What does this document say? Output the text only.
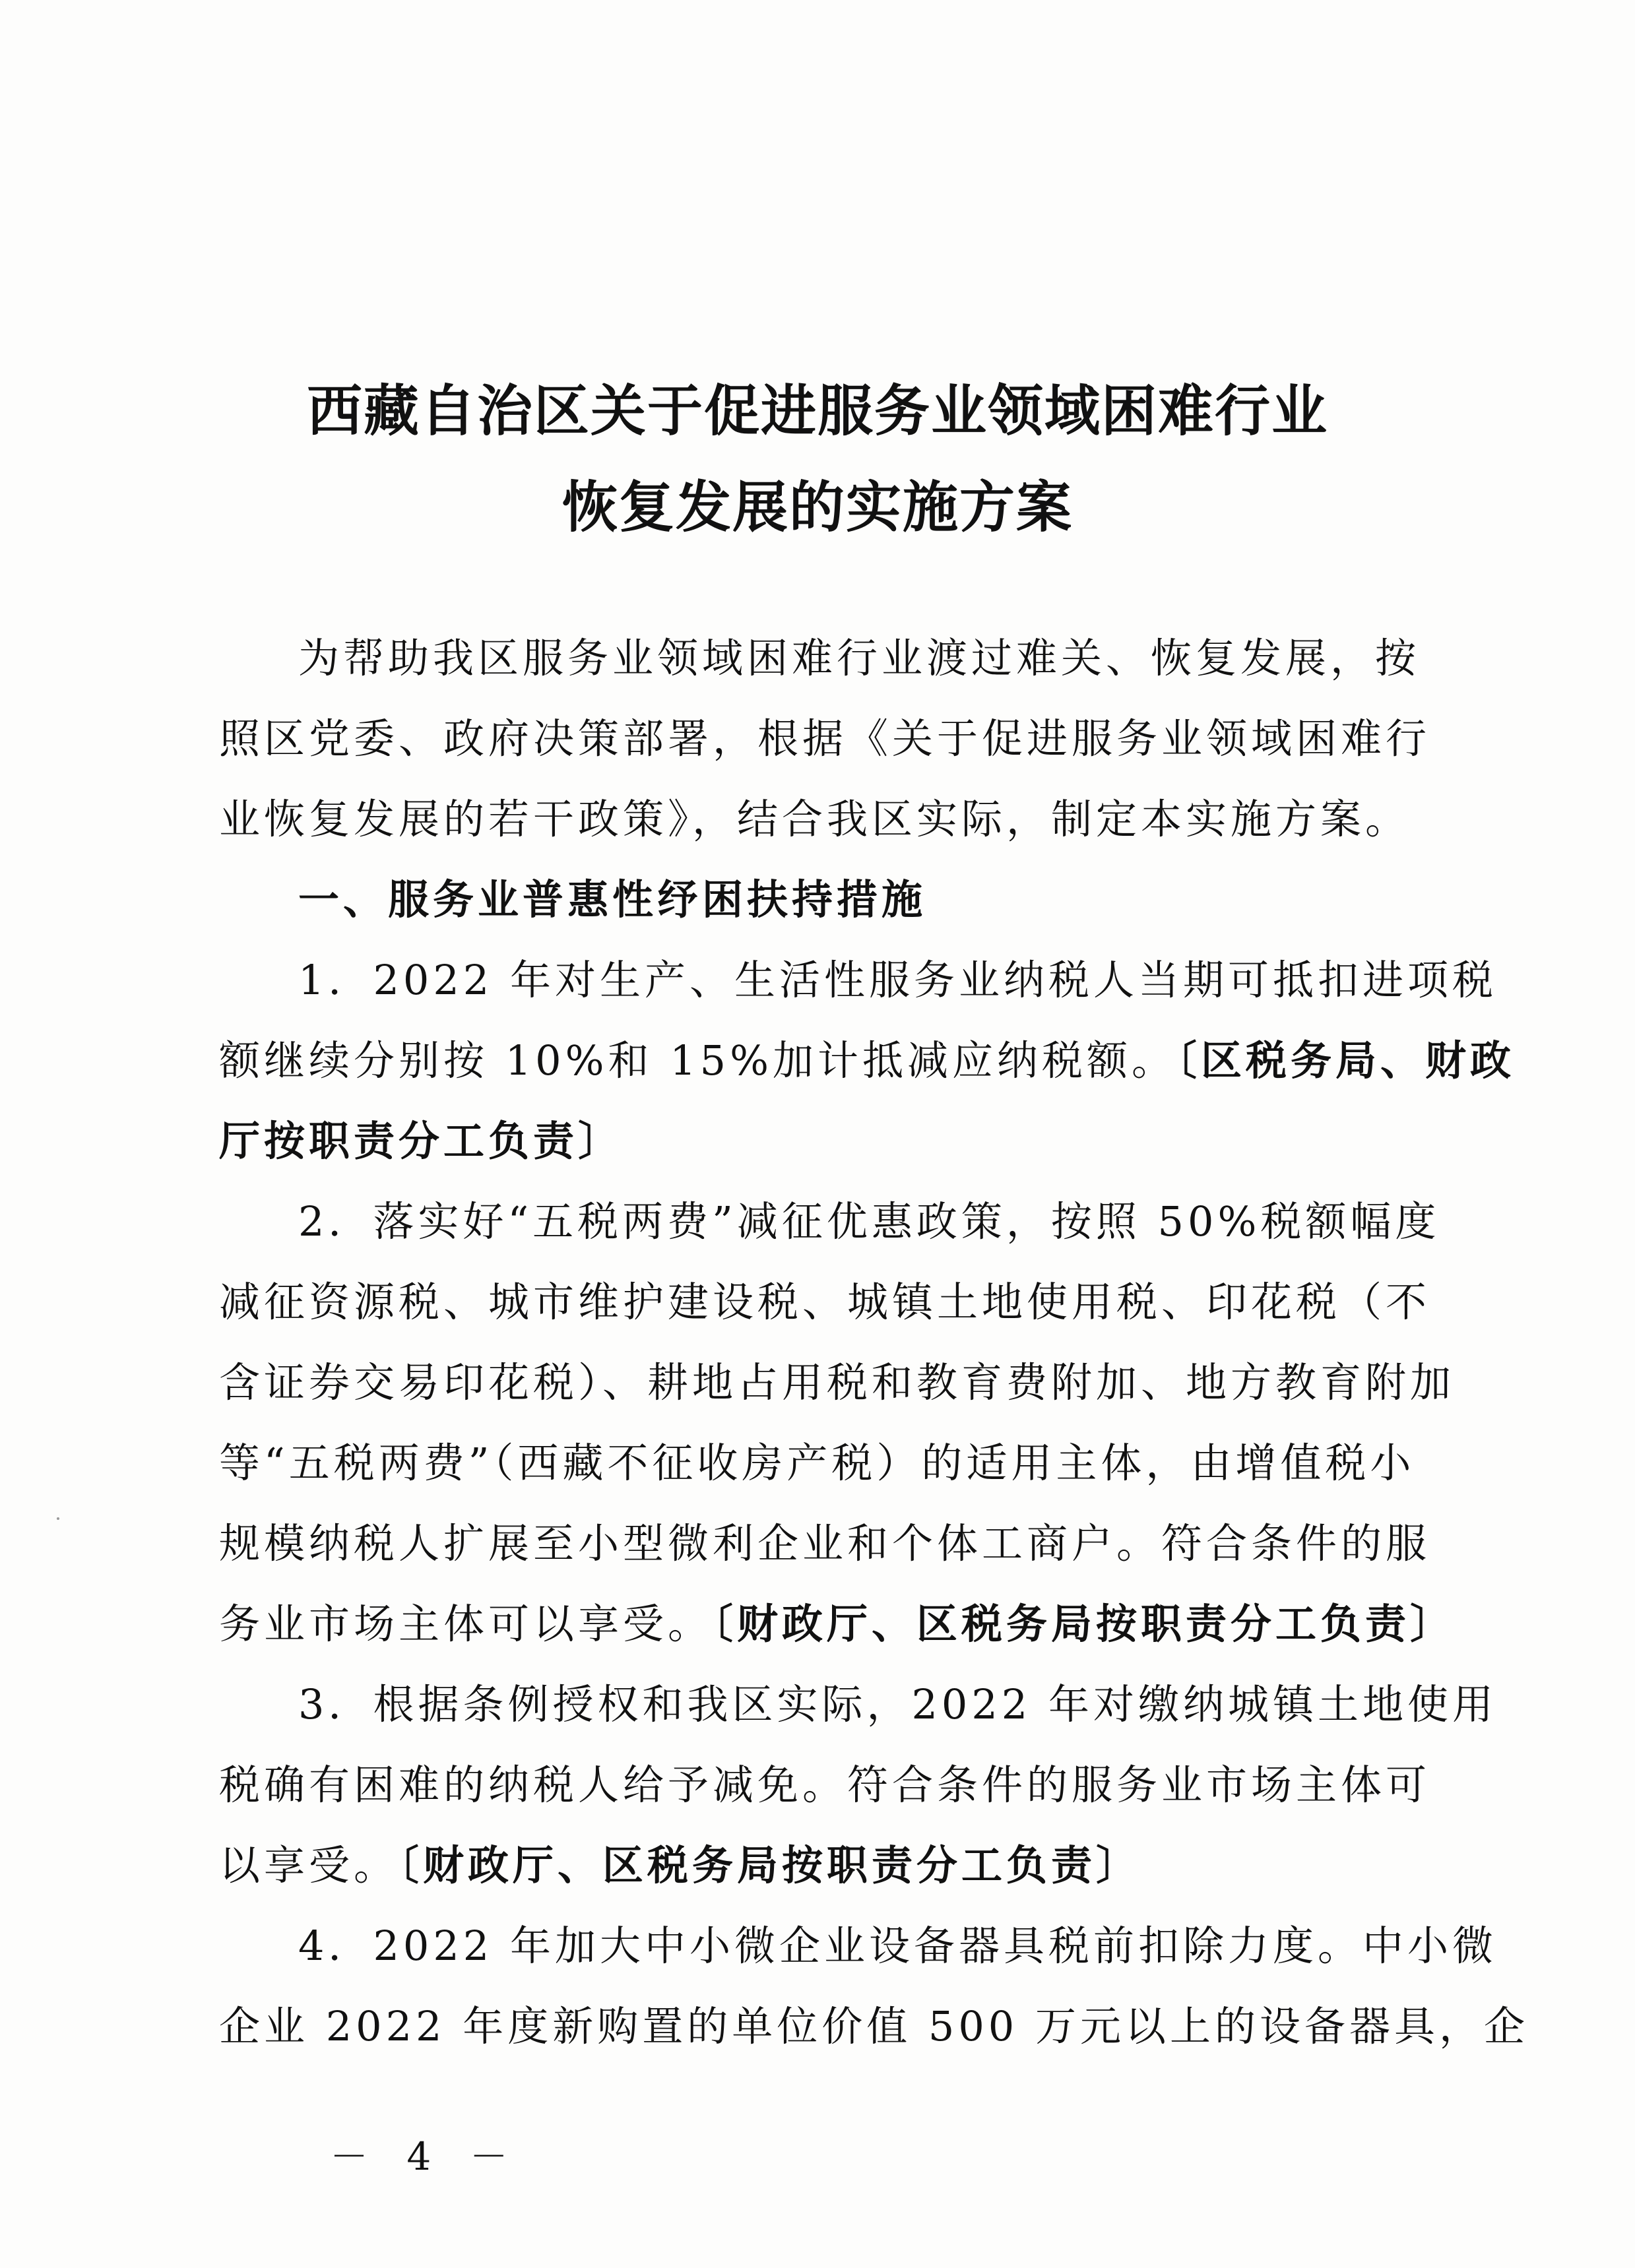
西藏自治区关于促进服务业领域困难行业
恢复发展的实施方案
为帮助我区服务业领域困难行业渡过难关、恢复发展，按
照区党委、政府决策部署，根据《关于促进服务业领域困难行
业恢复发展的若干政策》，结合我区实际，制定本实施方案。
一、服务业普惠性纾困扶持措施
1．2022 年对生产、生活性服务业纳税人当期可抵扣进项税
额继续分别按 10%和 15%加计抵减应纳税额。〔区税务局、财政
厅按职责分工负责〕
2．落实好“五税两费”减征优惠政策，按照 50%税额幅度
减征资源税、城市维护建设税、城镇土地使用税、印花税（不
含证券交易印花税）、耕地占用税和教育费附加、地方教育附加
等“五税两费”（西藏不征收房产税）的适用主体，由增值税小
规模纳税人扩展至小型微利企业和个体工商户。符合条件的服
务业市场主体可以享受。〔财政厅、区税务局按职责分工负责〕
3．根据条例授权和我区实际，2022 年对缴纳城镇土地使用
税确有困难的纳税人给予减免。符合条件的服务业市场主体可
以享受。〔财政厅、区税务局按职责分工负责〕
4．2022 年加大中小微企业设备器具税前扣除力度。中小微
企业 2022 年度新购置的单位价值 500 万元以上的设备器具，企
－ 4 －
